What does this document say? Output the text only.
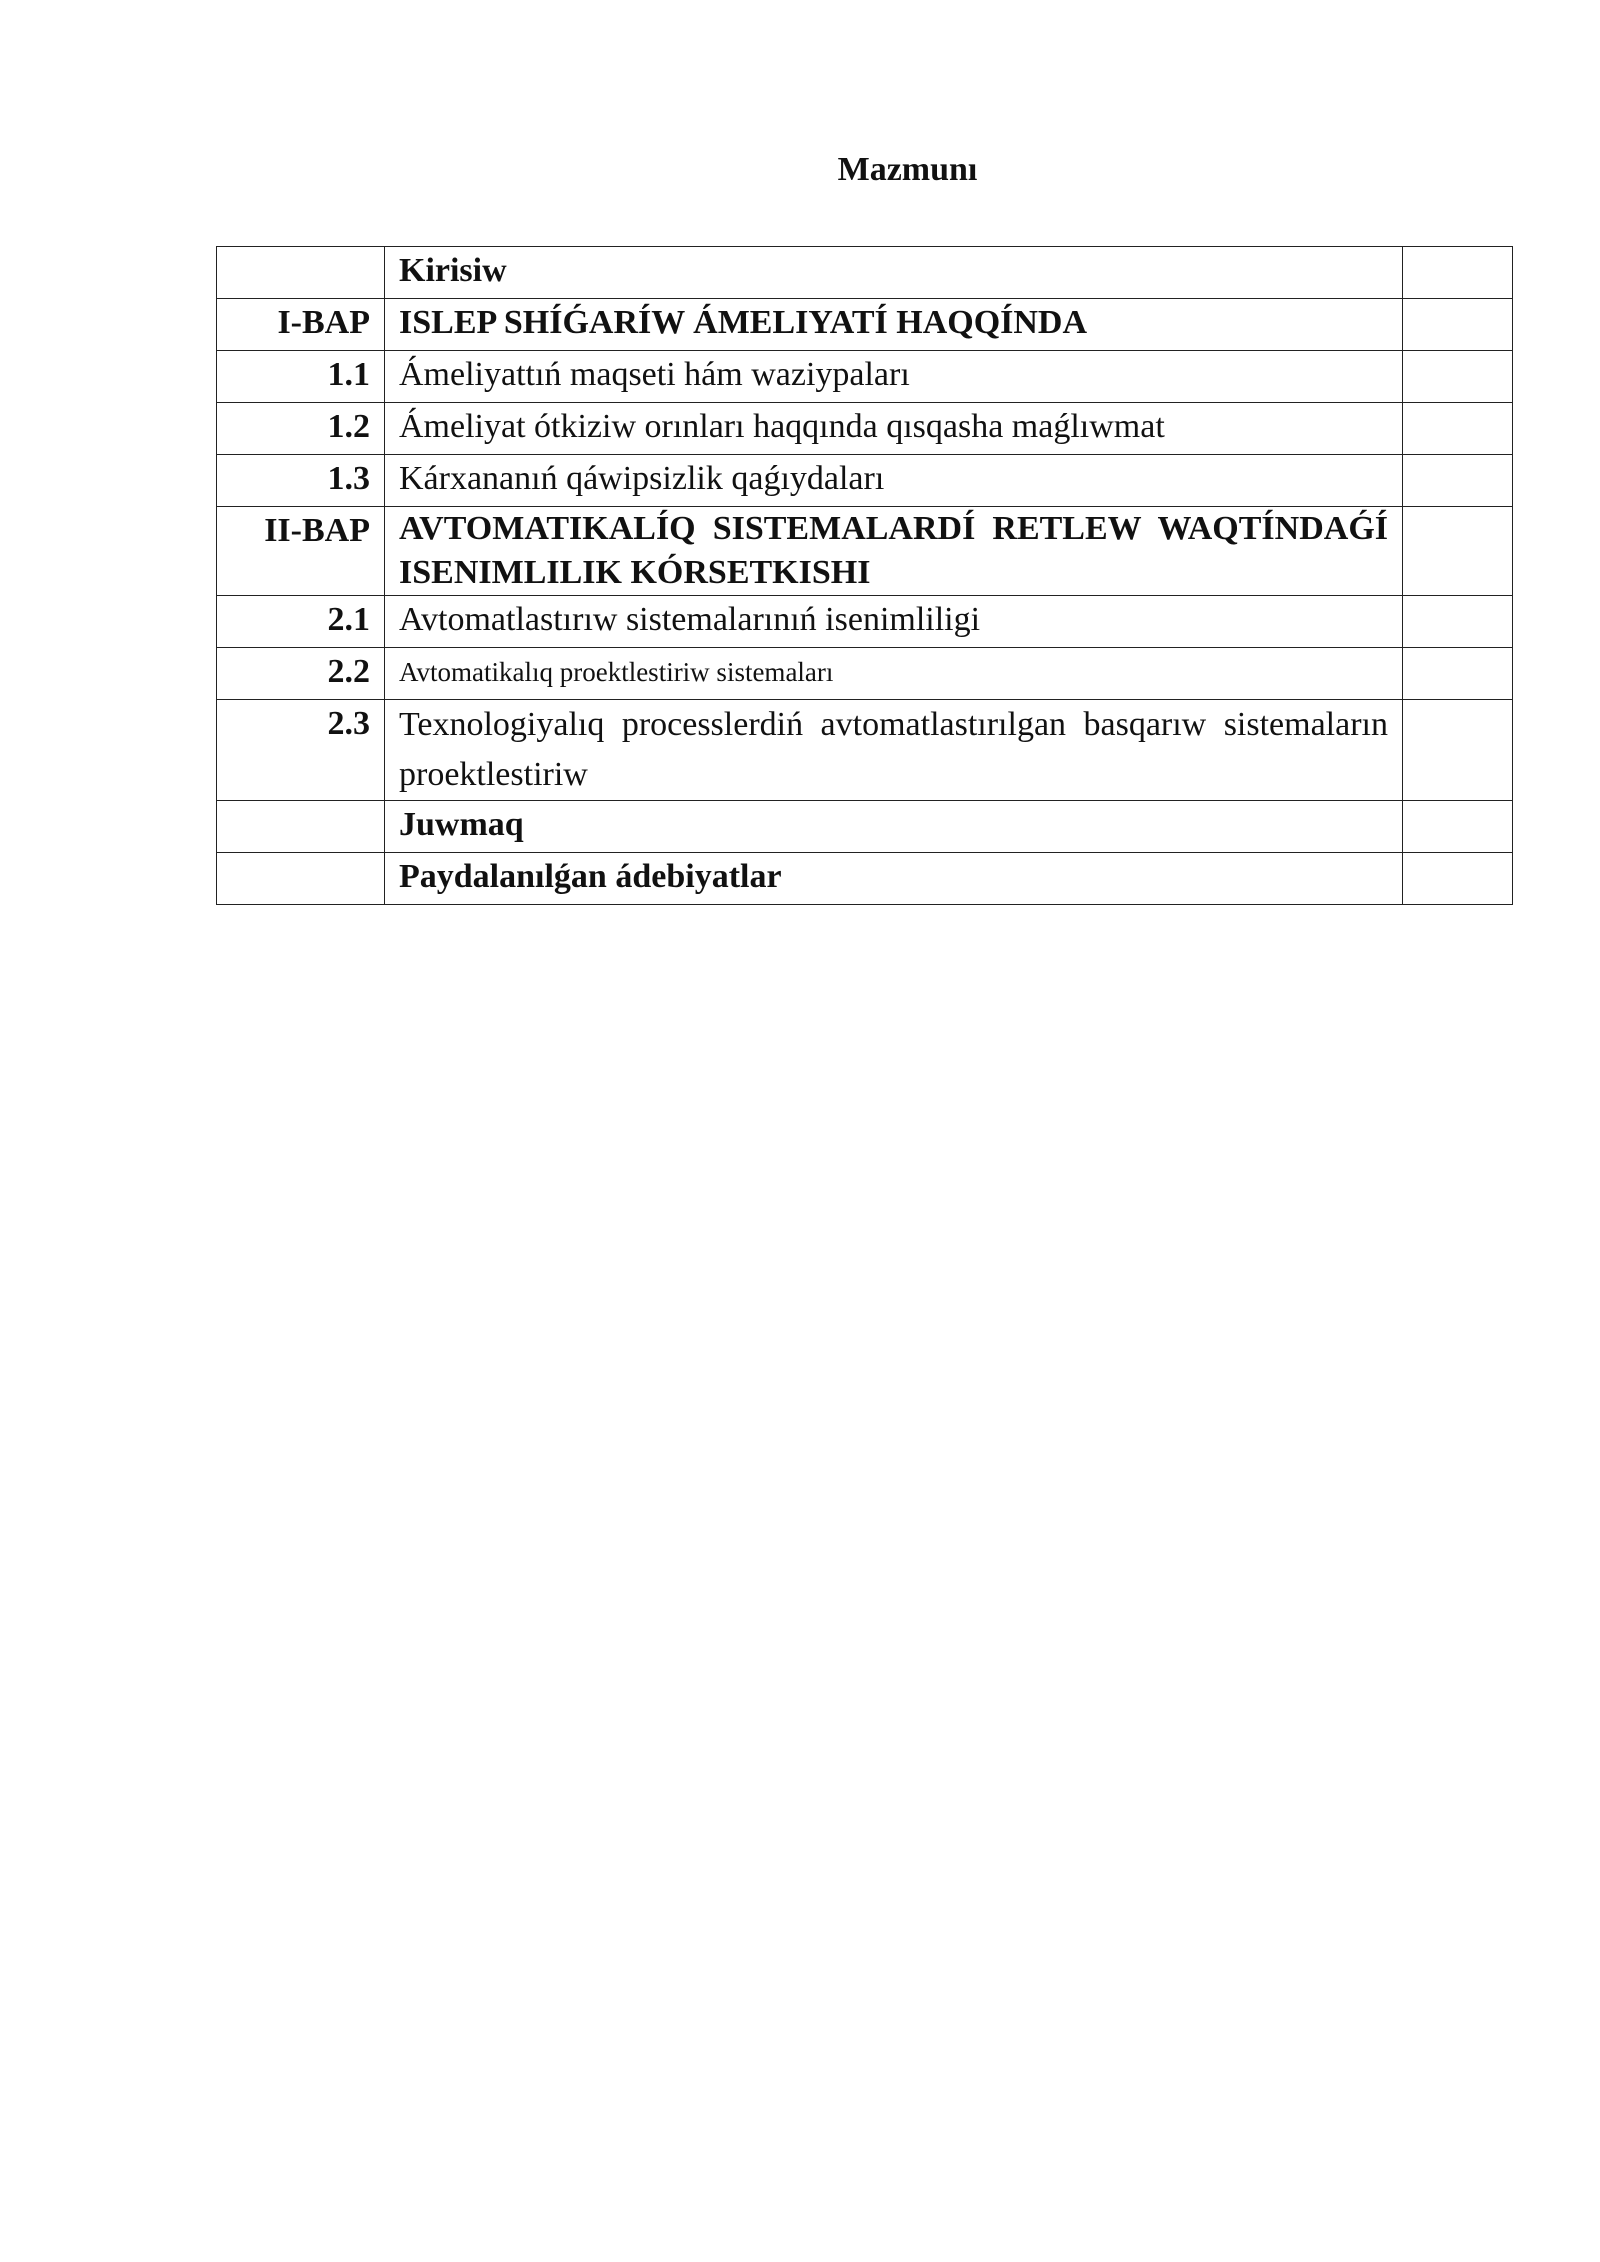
Mazmunı
	Kirisiw	
I-BAP	ISLEP SHÍǴARÍW ÁMELIYATÍ HAQQÍNDA	
1.1	Ámeliyattıń maqseti hám waziypaları	
1.2	Ámeliyat ótkiziw orınları haqqında qısqasha maǵlıwmat	
1.3	Kárxananıń qáwipsizlik qaǵıydaları	
II-BAP	AVTOMATIKALÍQ SISTEMALARDÍ RETLEW WAQTÍNDAǴÍ ISENIMLILIK KÓRSETKISHI	
2.1	Avtomatlastırıw sistemalarınıń isenimliligi	
2.2	Avtomatikalıq proektlestiriw sistemaları	
2.3	Texnologiyalıq processlerdiń avtomatlastırılgan basqarıw sistemaların proektlestiriw	
	Juwmaq	
	Paydalanılǵan ádebiyatlar	
